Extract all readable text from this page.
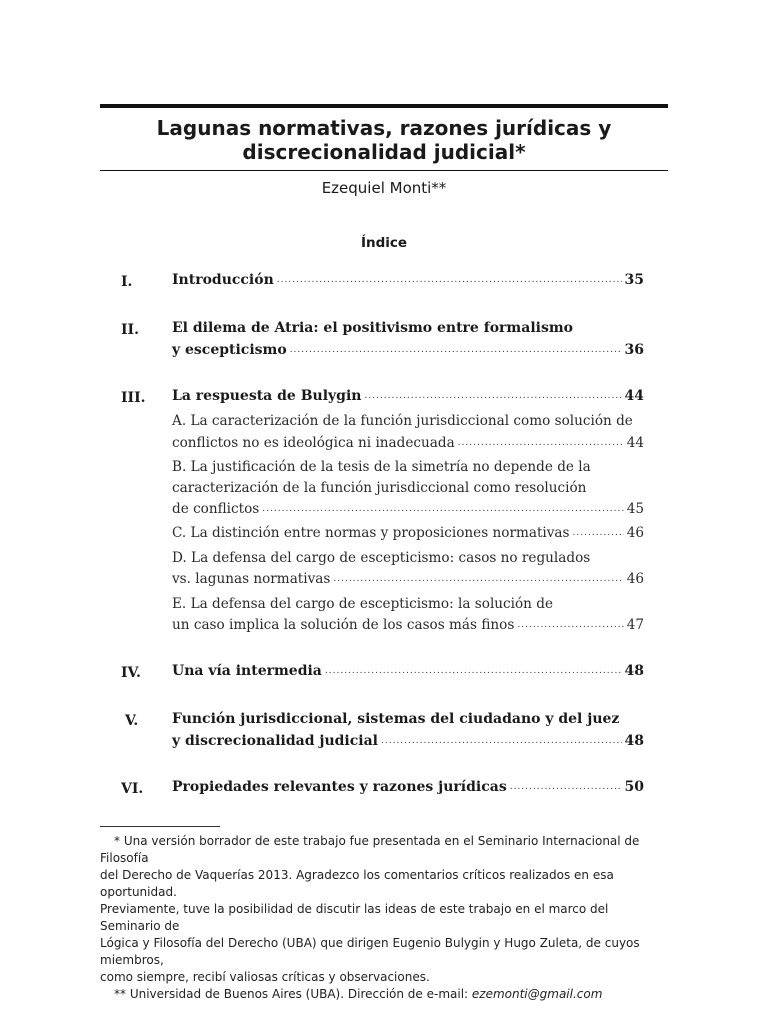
Lagunas normativas, razones jurídicas y
discrecionalidad judicial*
Ezequiel Monti**
Índice
I.	Introducción .....	35
II. El dilema de Atria: el positivismo entre formalismo
y escepticismo .....	36
III. La respuesta de Bulygin .....	44
A. La caracterización de la función jurisdiccional como solución de
conflictos no es ideológica ni inadecuada .....	44
B. La justificación de la tesis de la simetría no depende de la
caracterización de la función jurisdiccional como resolución
de conflictos .....	45
C. La distinción entre normas y proposiciones normativas .....	46
D. La defensa del cargo de escepticismo: casos no regulados
vs. lagunas normativas .....	46
E. La defensa del cargo de escepticismo: la solución de
un caso implica la solución de los casos más finos .....	47
IV. Una vía intermedia .....	48
V. Función jurisdiccional, sistemas del ciudadano y del juez
y discrecionalidad judicial .....	48
VI. Propiedades relevantes y razones jurídicas .....	50

* Una versión borrador de este trabajo fue presentada en el Seminario Internacional de Filosofía

del Derecho de Vaquerías 2013. Agradezco los comentarios críticos realizados en esa oportunidad.

Previamente, tuve la posibilidad de discutir las ideas de este trabajo en el marco del Seminario de

Lógica y Filosofía del Derecho (UBA) que dirigen Eugenio Bulygin y Hugo Zuleta, de cuyos miembros,

como siempre, recibí valiosas críticas y observaciones.

** Universidad de Buenos Aires (UBA). Dirección de e-mail: ezemonti@gmail.com
